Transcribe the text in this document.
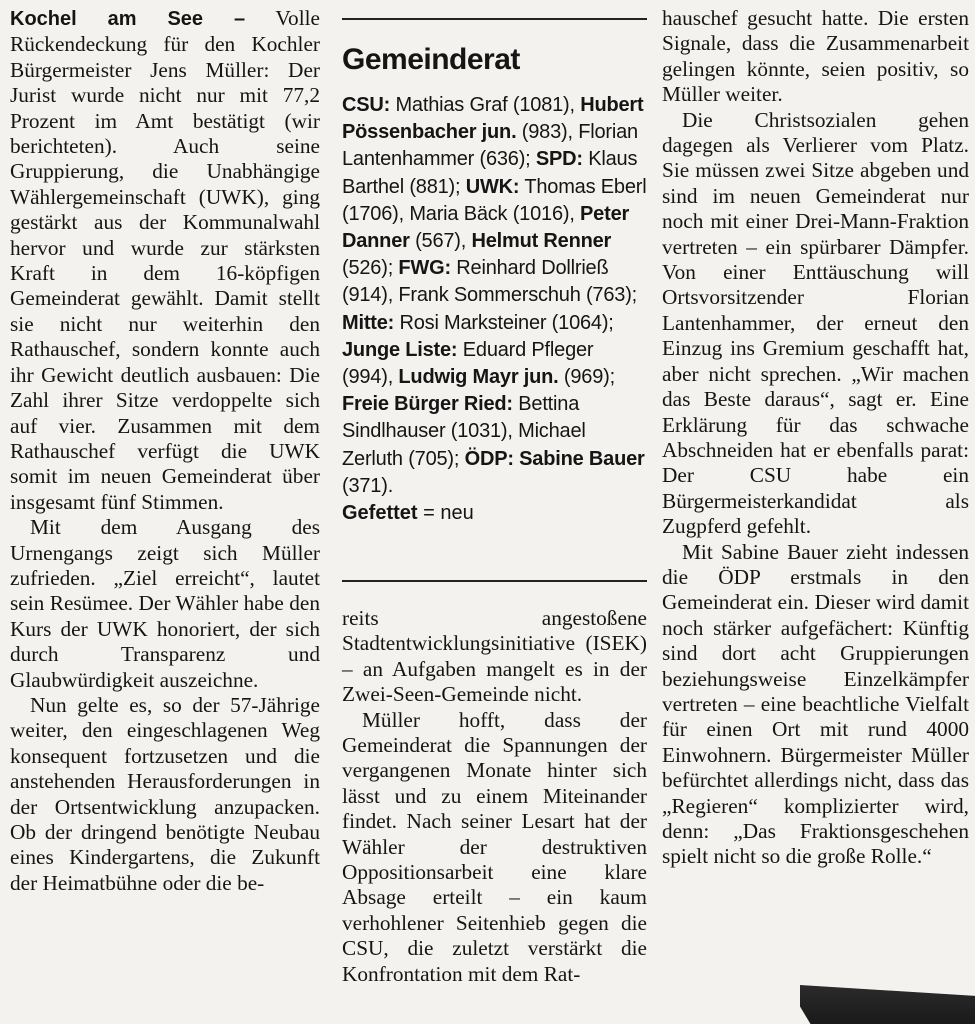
Kochel am See – Volle Rückendeckung für den Kochler Bürgermeister Jens Müller: Der Jurist wurde nicht nur mit 77,2 Prozent im Amt bestätigt (wir berichteten). Auch seine Gruppierung, die Unabhängige Wählergemeinschaft (UWK), ging gestärkt aus der Kommunalwahl hervor und wurde zur stärksten Kraft in dem 16-köpfigen Gemeinderat gewählt. Damit stellt sie nicht nur weiterhin den Rathauschef, sondern konnte auch ihr Gewicht deutlich ausbauen: Die Zahl ihrer Sitze verdoppelte sich auf vier. Zusammen mit dem Rathauschef verfügt die UWK somit im neuen Gemeinderat über insgesamt fünf Stimmen.

Mit dem Ausgang des Urnengangs zeigt sich Müller zufrieden. „Ziel erreicht“, lautet sein Resümee. Der Wähler habe den Kurs der UWK honoriert, der sich durch Transparenz und Glaubwürdigkeit auszeichne.

Nun gelte es, so der 57-Jährige weiter, den eingeschlagenen Weg konsequent fortzusetzen und die anstehenden Herausforderungen in der Ortsentwicklung anzupacken. Ob der dringend benötigte Neubau eines Kindergartens, die Zukunft der Heimatbühne oder die be-

Gemeinderat
CSU: Mathias Graf (1081), Hubert Pössenbacher jun. (983), Florian Lantenhammer (636); SPD: Klaus Barthel (881); UWK: Thomas Eberl (1706), Maria Bäck (1016), Peter Danner (567), Helmut Renner (526); FWG: Reinhard Dollrieß (914), Frank Sommerschuh (763); Mitte: Rosi Marksteiner (1064); Junge Liste: Eduard Pfleger (994), Ludwig Mayr jun. (969); Freie Bürger Ried: Bettina Sindlhauser (1031), Michael Zerluth (705); ÖDP: Sabine Bauer (371).
Gefettet = neu

reits angestoßene Stadtentwicklungsinitiative (ISEK) – an Aufgaben mangelt es in der Zwei-Seen-Gemeinde nicht.

Müller hofft, dass der Gemeinderat die Spannungen der vergangenen Monate hinter sich lässt und zu einem Miteinander findet. Nach seiner Lesart hat der Wähler der destruktiven Oppositionsarbeit eine klare Absage erteilt – ein kaum verhohlener Seitenhieb gegen die CSU, die zuletzt verstärkt die Konfrontation mit dem Rat-

hauschef gesucht hatte. Die ersten Signale, dass die Zusammenarbeit gelingen könnte, seien positiv, so Müller weiter.

Die Christsozialen gehen dagegen als Verlierer vom Platz. Sie müssen zwei Sitze abgeben und sind im neuen Gemeinderat nur noch mit einer Drei-Mann-Fraktion vertreten – ein spürbarer Dämpfer. Von einer Enttäuschung will Ortsvorsitzender Florian Lantenhammer, der erneut den Einzug ins Gremium geschafft hat, aber nicht sprechen. „Wir machen das Beste daraus“, sagt er. Eine Erklärung für das schwache Abschneiden hat er ebenfalls parat: Der CSU habe ein Bürgermeisterkandidat als Zugpferd gefehlt.

Mit Sabine Bauer zieht indessen die ÖDP erstmals in den Gemeinderat ein. Dieser wird damit noch stärker aufgefächert: Künftig sind dort acht Gruppierungen beziehungsweise Einzelkämpfer vertreten – eine beachtliche Vielfalt für einen Ort mit rund 4000 Einwohnern. Bürgermeister Müller befürchtet allerdings nicht, dass das „Regieren“ komplizierter wird, denn: „Das Fraktionsgeschehen spielt nicht so die große Rolle.“
